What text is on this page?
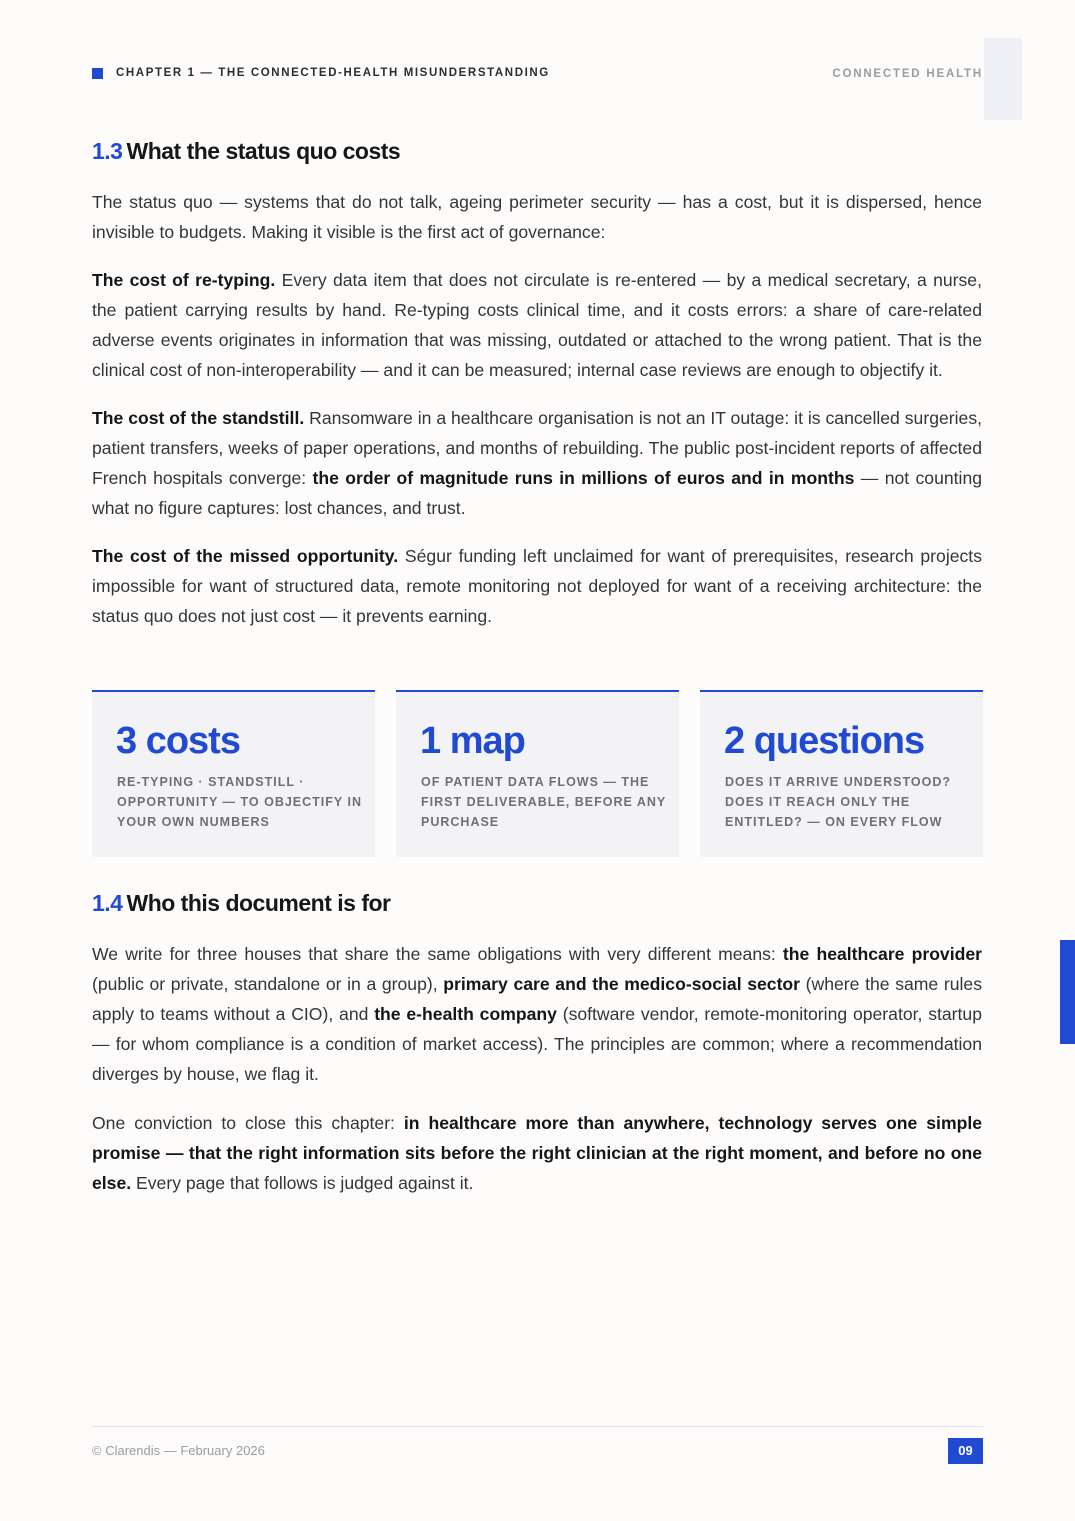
CHAPTER 1 — THE CONNECTED-HEALTH MISUNDERSTANDING	CONNECTED HEALTH
1.3 What the status quo costs

The status quo — systems that do not talk, ageing perimeter security — has a cost, but it is dispersed, hence invisible to budgets. Making it visible is the first act of governance:

The cost of re-typing. Every data item that does not circulate is re-entered — by a medical secretary, a nurse, the patient carrying results by hand. Re-typing costs clinical time, and it costs errors: a share of care-related adverse events originates in information that was missing, outdated or attached to the wrong patient. That is the clinical cost of non-interoperability — and it can be measured; internal case reviews are enough to objectify it.

The cost of the standstill. Ransomware in a healthcare organisation is not an IT outage: it is cancelled surgeries, patient transfers, weeks of paper operations, and months of rebuilding. The public post-incident reports of affected French hospitals converge: the order of magnitude runs in millions of euros and in months — not counting what no figure captures: lost chances, and trust.

The cost of the missed opportunity. Ségur funding left unclaimed for want of prerequisites, research projects impossible for want of structured data, remote monitoring not deployed for want of a receiving architecture: the status quo does not just cost — it prevents earning.

3 costs
RE-TYPING · STANDSTILL · OPPORTUNITY — TO OBJECTIFY IN YOUR OWN NUMBERS
1 map
OF PATIENT DATA FLOWS — THE FIRST DELIVERABLE, BEFORE ANY PURCHASE
2 questions
DOES IT ARRIVE UNDERSTOOD? DOES IT REACH ONLY THE ENTITLED? — ON EVERY FLOW
1.4 Who this document is for

We write for three houses that share the same obligations with very different means: the healthcare provider (public or private, standalone or in a group), primary care and the medico-social sector (where the same rules apply to teams without a CIO), and the e-health company (software vendor, remote-monitoring operator, startup — for whom compliance is a condition of market access). The principles are common; where a recommendation diverges by house, we flag it.

One conviction to close this chapter: in healthcare more than anywhere, technology serves one simple promise — that the right information sits before the right clinician at the right moment, and before no one else. Every page that follows is judged against it.

© Clarendis — February 2026	09
